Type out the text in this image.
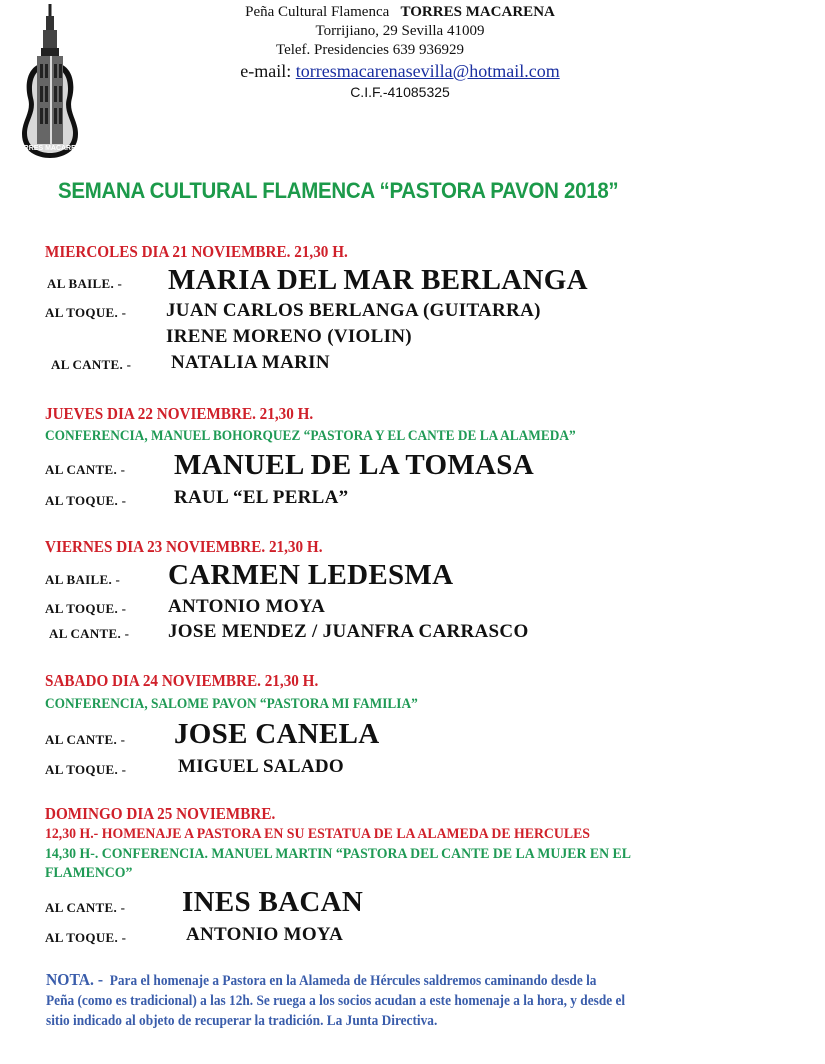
TORRES MACARENA
Peña Cultural Flamenca TORRES MACARENA
Torrijiano, 29 Sevilla 41009
Telef. Presidencies 639 936929
e-mail: torresmacarenasevilla@hotmail.com
C.I.F.-41085325
SEMANA CULTURAL FLAMENCA “PASTORA PAVON 2018”
MIERCOLES DIA 21 NOVIEMBRE. 21,30 H.
AL BAILE. - MARIA DEL MAR BERLANGA
AL TOQUE. - JUAN CARLOS BERLANGA (GUITARRA)
IRENE MORENO (VIOLIN)
AL CANTE. - NATALIA MARIN
JUEVES DIA 22 NOVIEMBRE. 21,30 H.
CONFERENCIA, MANUEL BOHORQUEZ “PASTORA Y EL CANTE DE LA ALAMEDA”
AL CANTE. - MANUEL DE LA TOMASA
AL TOQUE. -	RAUL “EL PERLA”
VIERNES DIA 23 NOVIEMBRE. 21,30 H.
AL BAILE. - CARMEN LEDESMA
AL TOQUE. - ANTONIO MOYA
AL CANTE. - JOSE MENDEZ / JUANFRA CARRASCO
SABADO DIA 24 NOVIEMBRE. 21,30 H.
CONFERENCIA, SALOME PAVON “PASTORA MI FAMILIA”
AL CANTE. - JOSE CANELA
AL TOQUE. -	MIGUEL SALADO
DOMINGO DIA 25 NOVIEMBRE.
12,30 H.- HOMENAJE A PASTORA EN SU ESTATUA DE LA ALAMEDA DE HERCULES
14,30 H-. CONFERENCIA. MANUEL MARTIN “PASTORA DEL CANTE DE LA MUJER EN EL
FLAMENCO”
AL CANTE. - INES BACAN
AL TOQUE. -	ANTONIO MOYA
NOTA. - Para el homenaje a Pastora en la Alameda de Hércules saldremos caminando desde la
Peña (como es tradicional) a las 12h. Se ruega a los socios acudan a este homenaje a la hora, y desde el
sitio indicado al objeto de recuperar la tradición. La Junta Directiva.
